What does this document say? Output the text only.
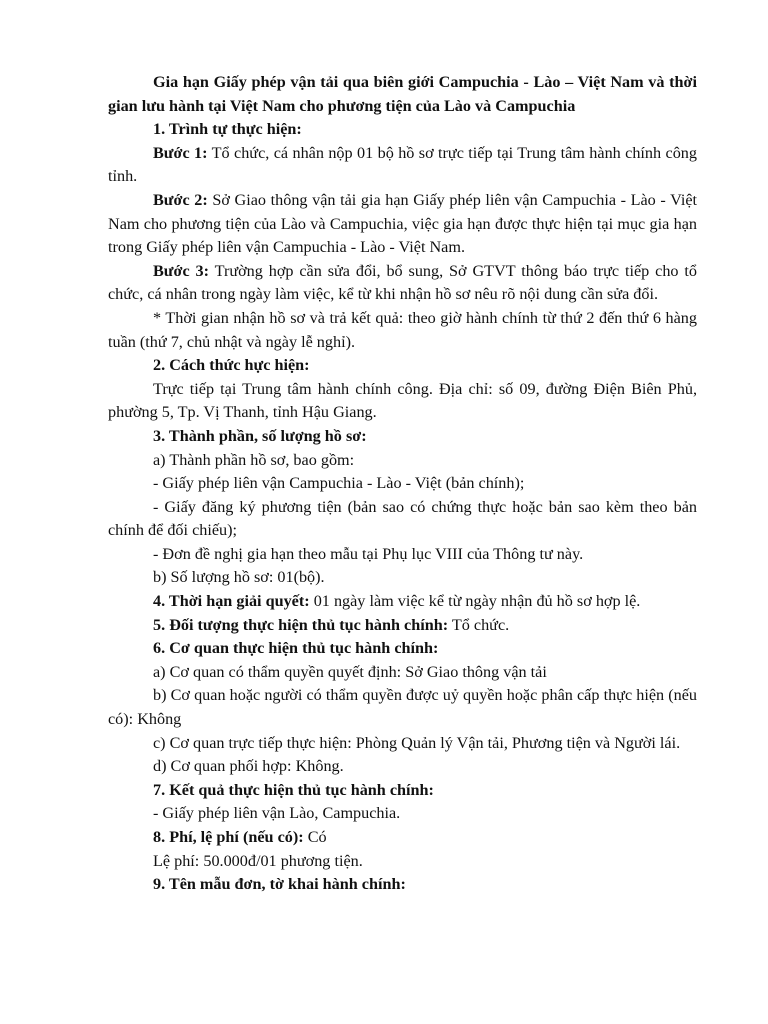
Gia hạn Giấy phép vận tải qua biên giới Campuchia - Lào – Việt Nam và thời gian lưu hành tại Việt Nam cho phương tiện của Lào và Campuchia

1. Trình tự thực hiện:

Bước 1: Tổ chức, cá nhân nộp 01 bộ hồ sơ trực tiếp tại Trung tâm hành chính công tỉnh.

Bước 2: Sở Giao thông vận tải gia hạn Giấy phép liên vận Campuchia - Lào - Việt Nam cho phương tiện của Lào và Campuchia, việc gia hạn được thực hiện tại mục gia hạn trong Giấy phép liên vận Campuchia - Lào - Việt Nam.

Bước 3: Trường hợp cần sửa đổi, bổ sung, Sở GTVT thông báo trực tiếp cho tổ chức, cá nhân trong ngày làm việc, kể từ khi nhận hồ sơ nêu rõ nội dung cần sửa đổi.

* Thời gian nhận hồ sơ và trả kết quả: theo giờ hành chính từ thứ 2 đến thứ 6 hàng tuần (thứ 7, chủ nhật và ngày lễ nghỉ).

2. Cách thức hực hiện:

Trực tiếp tại Trung tâm hành chính công. Địa chỉ: số 09, đường Điện Biên Phủ, phường 5, Tp. Vị Thanh, tỉnh Hậu Giang.

3. Thành phần, số lượng hồ sơ:

a) Thành phần hồ sơ, bao gồm:

- Giấy phép liên vận Campuchia - Lào - Việt (bản chính);

- Giấy đăng ký phương tiện (bản sao có chứng thực hoặc bản sao kèm theo bản chính để đối chiếu);

- Đơn đề nghị gia hạn theo mẫu tại Phụ lục VIII của Thông tư này.

b) Số lượng hồ sơ: 01(bộ).

4. Thời hạn giải quyết: 01 ngày làm việc kể từ ngày nhận đủ hồ sơ hợp lệ.

5. Đối tượng thực hiện thủ tục hành chính: Tổ chức.

6. Cơ quan thực hiện thủ tục hành chính:

a) Cơ quan có thẩm quyền quyết định: Sở Giao thông vận tải

b) Cơ quan hoặc người có thẩm quyền được uỷ quyền hoặc phân cấp thực hiện (nếu có): Không

c) Cơ quan trực tiếp thực hiện: Phòng Quản lý Vận tải, Phương tiện và Người lái.

d) Cơ quan phối hợp: Không.

7. Kết quả thực hiện thủ tục hành chính:

- Giấy phép liên vận Lào, Campuchia.

8. Phí, lệ phí (nếu có): Có

Lệ phí: 50.000đ/01 phương tiện.

9. Tên mẫu đơn, tờ khai hành chính:
